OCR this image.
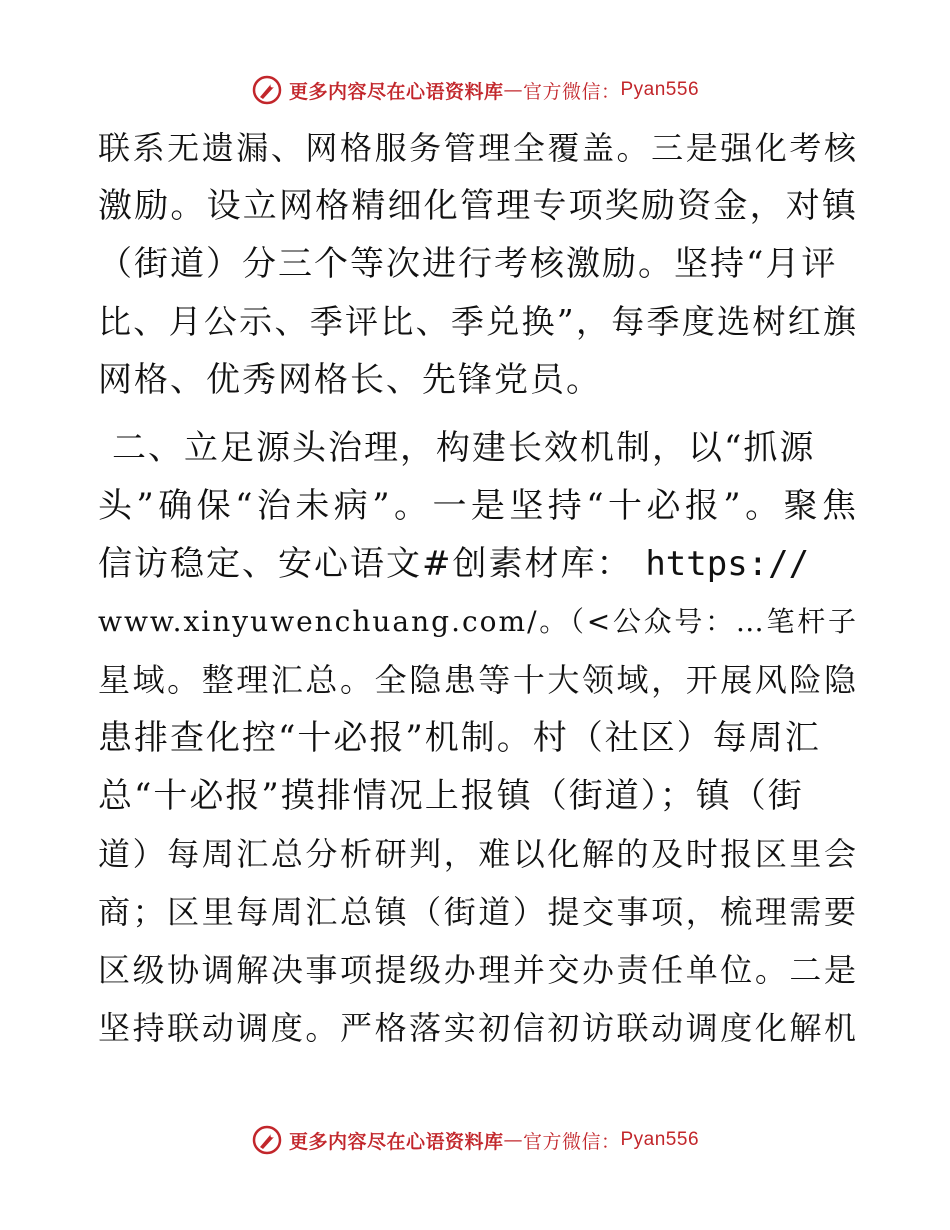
更多内容尽在心语资料库 — 官方微信： Pyan556
联系无遗漏、网格服务管理全覆盖。三是强化考核
激励。设立网格精细化管理专项奖励资金，对镇
（街道）分三个等次进行考核激励。坚持“月评
比、月公示、季评比、季兑换”，每季度选树红旗
网格、优秀网格长、先锋党员。
二、立足源头治理，构建长效机制，以“抓源
头”确保“治未病”。一是坚持“十必报”。聚焦
信访稳定、安心语文#创素材库： https://
www.xinyuwenchuang.com/。（<公众号：…笔杆子
星域。整理汇总。全隐患等十大领域，开展风险隐
患排查化控“十必报”机制。村（社区）每周汇
总“十必报”摸排情况上报镇（街道）；镇（街
道）每周汇总分析研判，难以化解的及时报区里会
商；区里每周汇总镇（街道）提交事项，梳理需要
区级协调解决事项提级办理并交办责任单位。二是
坚持联动调度。严格落实初信初访联动调度化解机
更多内容尽在心语资料库 — 官方微信： Pyan556
